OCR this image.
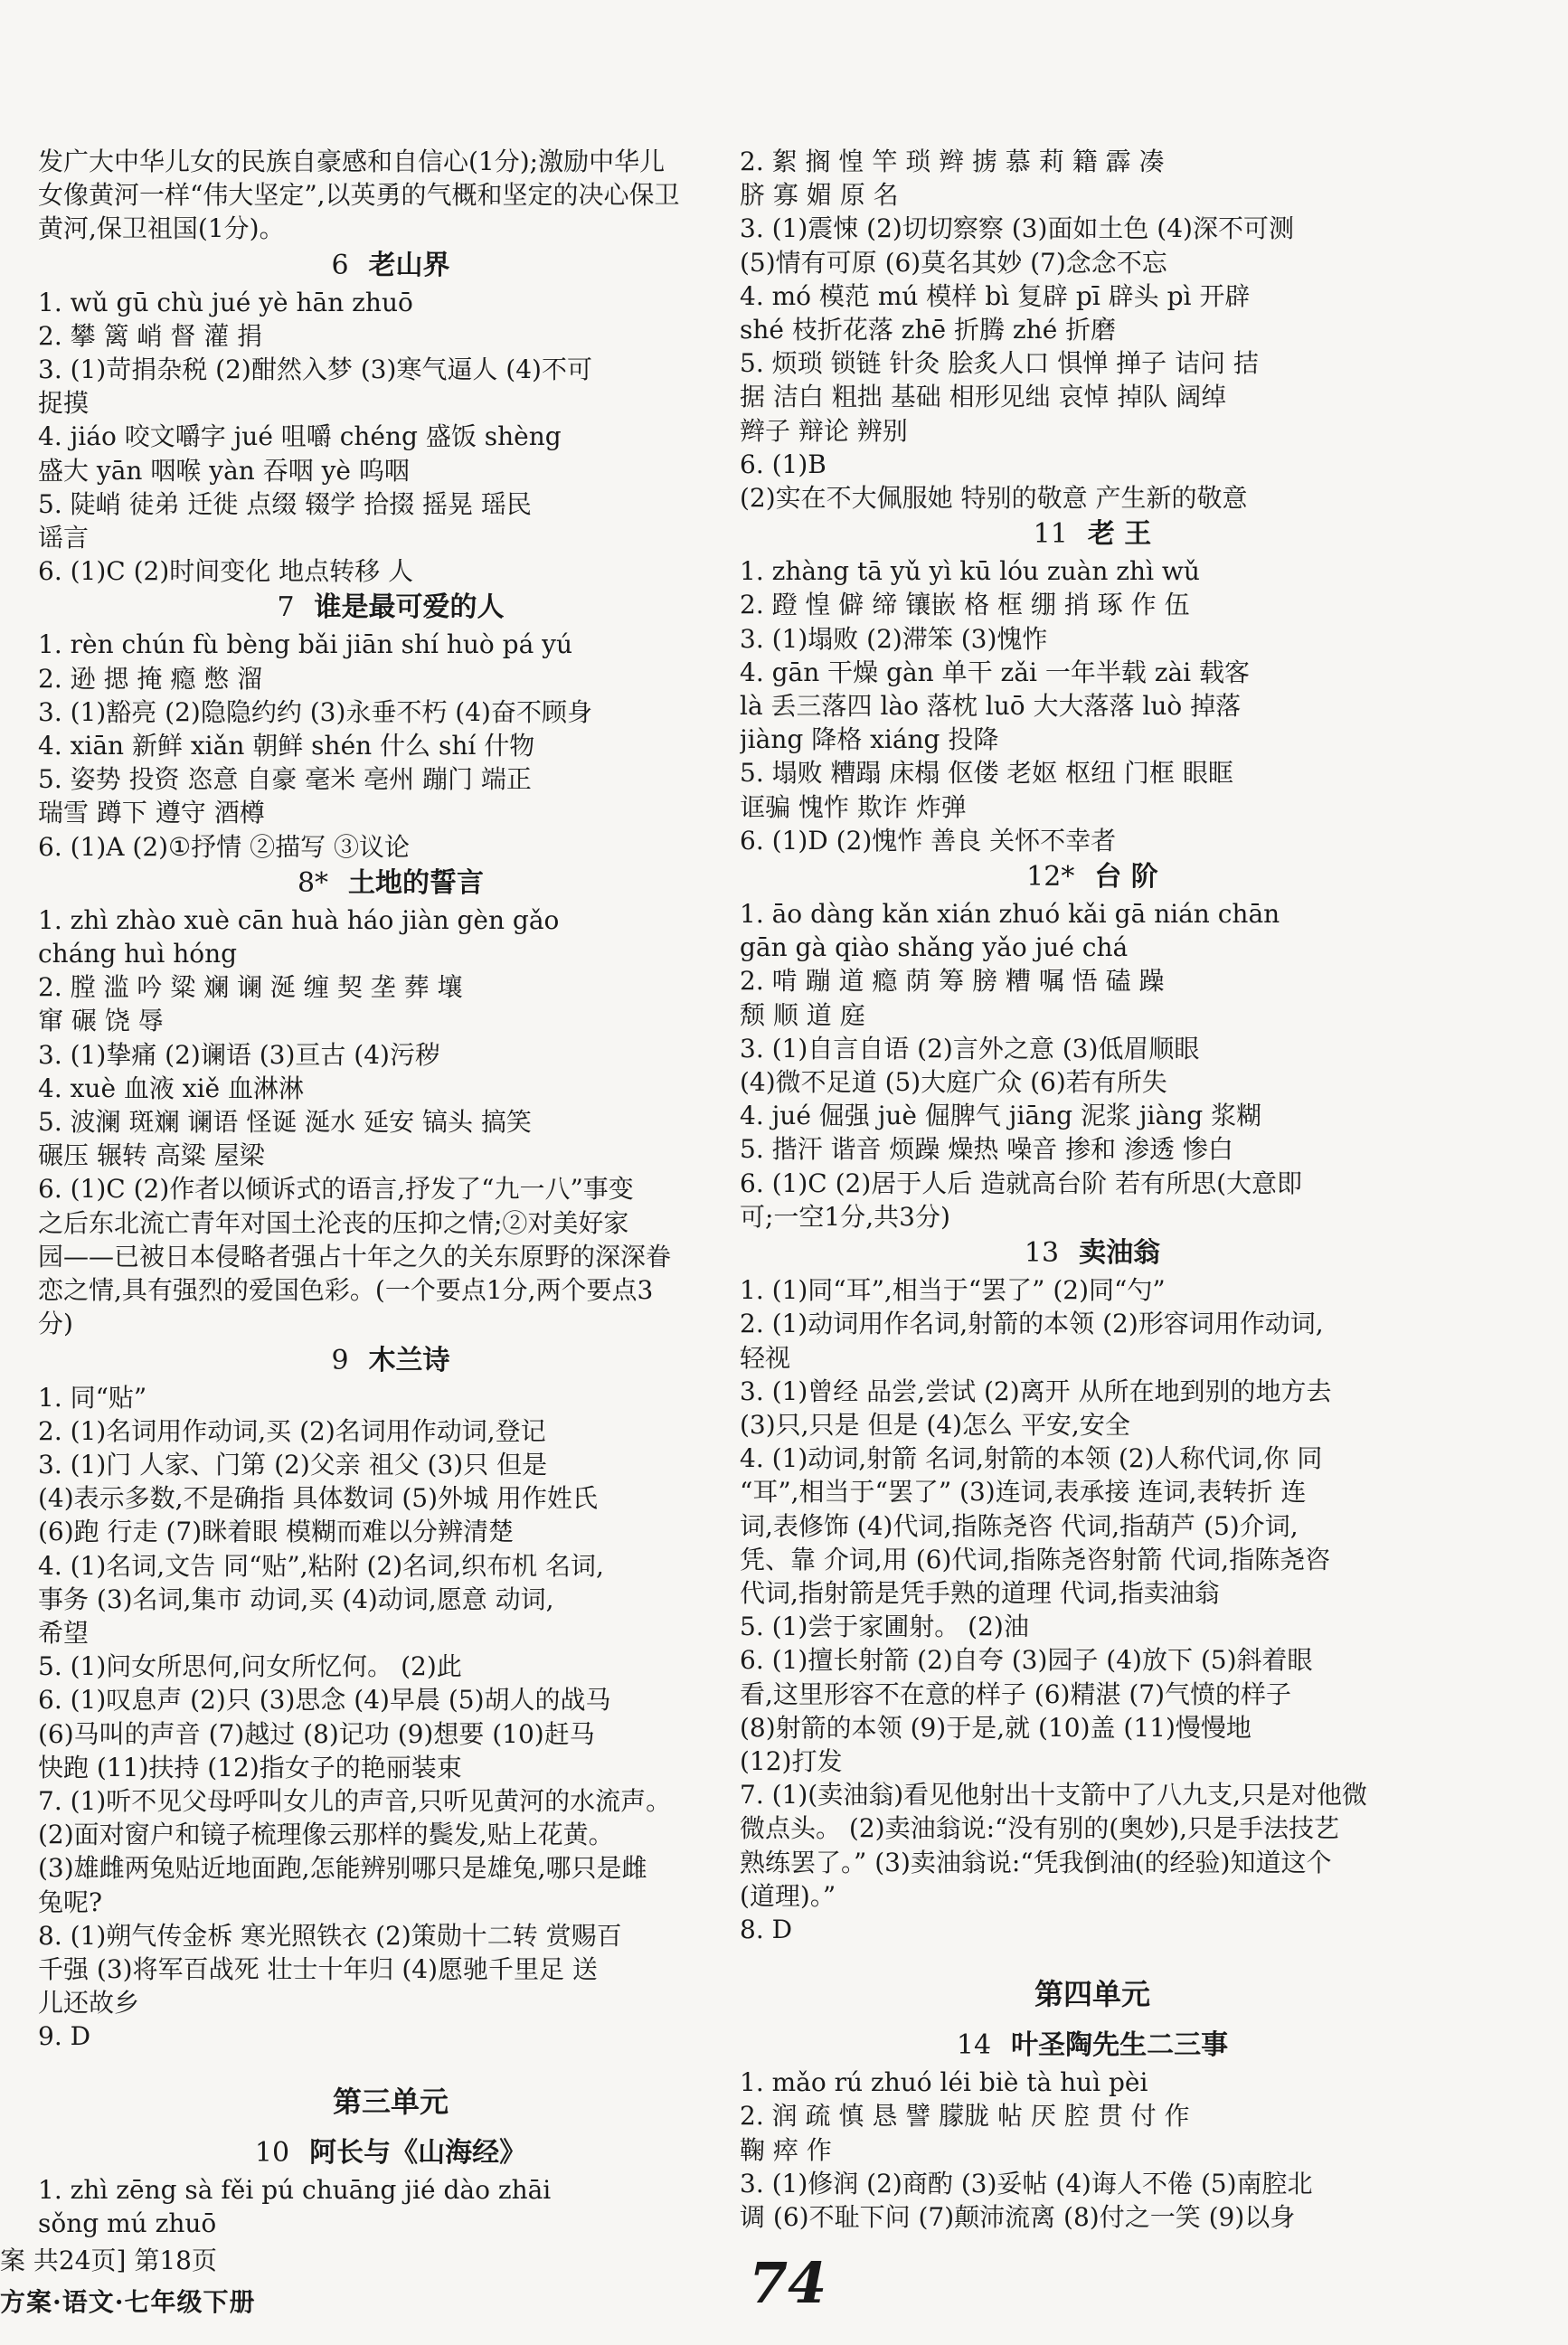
发广大中华儿女的民族自豪感和自信心(1分);激励中华儿
女像黄河一样“伟大坚定”,以英勇的气概和坚定的决心保卫
黄河,保卫祖国(1分)。
6 老山界
1. wǔ gū chù jué yè hān zhuō
2. 攀 篱 峭 督 灌 捐
3. (1)苛捐杂税 (2)酣然入梦 (3)寒气逼人 (4)不可
捉摸
4. jiáo 咬文嚼字 jué 咀嚼 chéng 盛饭 shèng
盛大 yān 咽喉 yàn 吞咽 yè 呜咽
5. 陡峭 徒弟 迁徙 点缀 辍学 拾掇 摇晃 瑶民
谣言
6. (1)C (2)时间变化 地点转移 人
7 谁是最可爱的人
1. rèn chún fù bèng bǎi jiān shí huò pá yú
2. 逊 揌 掩 瘾 憋 溜
3. (1)豁亮 (2)隐隐约约 (3)永垂不朽 (4)奋不顾身
4. xiān 新鲜 xiǎn 朝鲜 shén 什么 shí 什物
5. 姿势 投资 恣意 自豪 毫米 亳州 蹦门 端正
瑞雪 蹲下 遵守 酒樽
6. (1)A (2)①抒情 ②描写 ③议论
8* 土地的誓言
1. zhì zhào xuè cān huà háo jiàn gèn gǎo
cháng huì hóng
2. 膛 滥 吟 粱 斓 谰 涎 缠 契 垄 葬 壤
窜 碾 饶 辱
3. (1)挚痛 (2)谰语 (3)亘古 (4)污秽
4. xuè 血液 xiě 血淋淋
5. 波澜 斑斓 谰语 怪诞 涎水 延安 镐头 搞笑
碾压 辗转 高粱 屋梁
6. (1)C (2)作者以倾诉式的语言,抒发了“九一八”事变
之后东北流亡青年对国土沦丧的压抑之情;②对美好家
园——已被日本侵略者强占十年之久的关东原野的深深眷
恋之情,具有强烈的爱国色彩。(一个要点1分,两个要点3
分)
9 木兰诗
1. 同“贴”
2. (1)名词用作动词,买 (2)名词用作动词,登记
3. (1)门 人家、门第 (2)父亲 祖父 (3)只 但是
(4)表示多数,不是确指 具体数词 (5)外城 用作姓氏
(6)跑 行走 (7)眯着眼 模糊而难以分辨清楚
4. (1)名词,文告 同“贴”,粘附 (2)名词,织布机 名词,
事务 (3)名词,集市 动词,买 (4)动词,愿意 动词,
希望
5. (1)问女所思何,问女所忆何。 (2)此
6. (1)叹息声 (2)只 (3)思念 (4)早晨 (5)胡人的战马
(6)马叫的声音 (7)越过 (8)记功 (9)想要 (10)赶马
快跑 (11)扶持 (12)指女子的艳丽装束
7. (1)听不见父母呼叫女儿的声音,只听见黄河的水流声。
(2)面对窗户和镜子梳理像云那样的鬓发,贴上花黄。
(3)雄雌两兔贴近地面跑,怎能辨别哪只是雄兔,哪只是雌
兔呢?
8. (1)朔气传金柝 寒光照铁衣 (2)策勋十二转 赏赐百
千强 (3)将军百战死 壮士十年归 (4)愿驰千里足 送
儿还故乡
9. D
第三单元
10 阿长与《山海经》
1. zhì zēng sà fěi pú chuāng jié dào zhāi
sǒng mú zhuō
2. 絮 搁 惶 竿 琐 辫 掳 慕 莉 籍 霹 凑
脐 寡 媚 原 名
3. (1)震悚 (2)切切察察 (3)面如土色 (4)深不可测
(5)情有可原 (6)莫名其妙 (7)念念不忘
4. mó 模范 mú 模样 bì 复辟 pī 辟头 pì 开辟
shé 枝折花落 zhē 折腾 zhé 折磨
5. 烦琐 锁链 针灸 脍炙人口 惧惮 掸子 诘问 拮
据 洁白 粗拙 基础 相形见绌 哀悼 掉队 阔绰
辫子 辩论 辨别
6. (1)B
(2)实在不大佩服她 特别的敬意 产生新的敬意
11 老 王
1. zhàng tā yǔ yì kū lóu zuàn zhì wǔ
2. 蹬 惶 僻 缔 镶嵌 格 框 绷 捎 琢 作 伍
3. (1)塌败 (2)滞笨 (3)愧怍
4. gān 干燥 gàn 单干 zǎi 一年半载 zài 载客
là 丢三落四 lào 落枕 luō 大大落落 luò 掉落
jiàng 降格 xiáng 投降
5. 塌败 糟蹋 床榻 伛偻 老妪 枢纽 门框 眼眶
诓骗 愧怍 欺诈 炸弹
6. (1)D (2)愧怍 善良 关怀不幸者
12* 台 阶
1. āo dàng kǎn xián zhuó kǎi gā nián chān
gān gà qiào shǎng yǎo jué chá
2. 啃 蹦 道 瘾 荫 筹 膀 糟 嘱 悟 磕 躁
颓 顺 道 庭
3. (1)自言自语 (2)言外之意 (3)低眉顺眼
(4)微不足道 (5)大庭广众 (6)若有所失
4. jué 倔强 juè 倔脾气 jiāng 泥浆 jiàng 浆糊
5. 揩汗 谐音 烦躁 燥热 噪音 掺和 渗透 惨白
6. (1)C (2)居于人后 造就高台阶 若有所思(大意即
可;一空1分,共3分)
13 卖油翁
1. (1)同“耳”,相当于“罢了” (2)同“勺”
2. (1)动词用作名词,射箭的本领 (2)形容词用作动词,
轻视
3. (1)曾经 品尝,尝试 (2)离开 从所在地到别的地方去
(3)只,只是 但是 (4)怎么 平安,安全
4. (1)动词,射箭 名词,射箭的本领 (2)人称代词,你 同
“耳”,相当于“罢了” (3)连词,表承接 连词,表转折 连
词,表修饰 (4)代词,指陈尧咨 代词,指葫芦 (5)介词,
凭、靠 介词,用 (6)代词,指陈尧咨射箭 代词,指陈尧咨
代词,指射箭是凭手熟的道理 代词,指卖油翁
5. (1)尝于家圃射。 (2)油
6. (1)擅长射箭 (2)自夸 (3)园子 (4)放下 (5)斜着眼
看,这里形容不在意的样子 (6)精湛 (7)气愤的样子
(8)射箭的本领 (9)于是,就 (10)盖 (11)慢慢地
(12)打发
7. (1)(卖油翁)看见他射出十支箭中了八九支,只是对他微
微点头。 (2)卖油翁说:“没有别的(奥妙),只是手法技艺
熟练罢了。” (3)卖油翁说:“凭我倒油(的经验)知道这个
(道理)。”
8. D
第四单元
14 叶圣陶先生二三事
1. mǎo rú zhuó léi biè tà huì pèi
2. 润 疏 慎 恳 譬 朦胧 帖 厌 腔 贯 付 作
鞠 瘁 作
3. (1)修润 (2)商酌 (3)妥帖 (4)诲人不倦 (5)南腔北
调 (6)不耻下问 (7)颠沛流离 (8)付之一笑 (9)以身
案 共24页] 第18页
方案·语文·七年级下册	74
